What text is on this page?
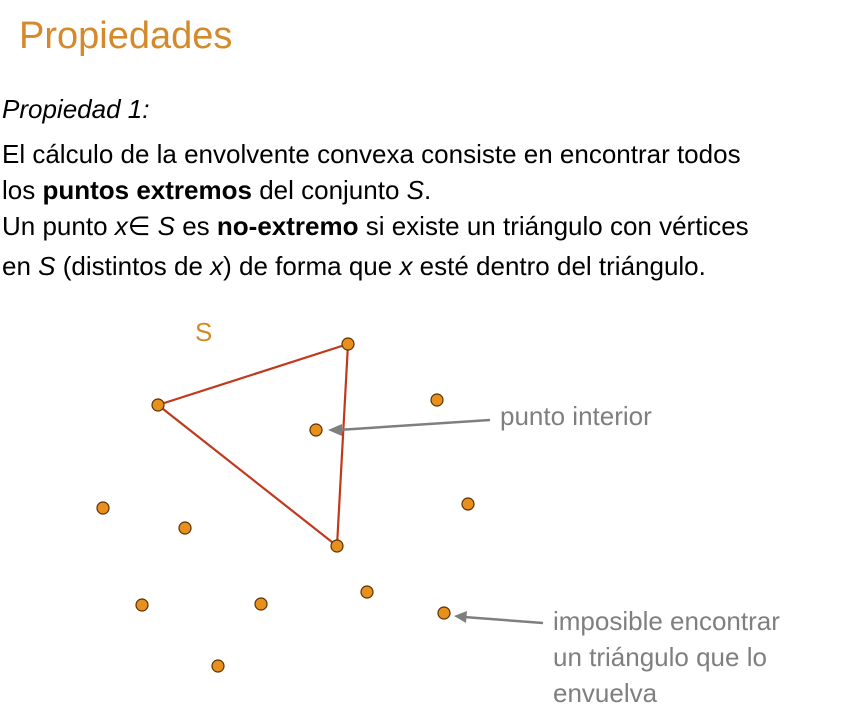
Propiedades
Propiedad 1:
El cálculo de la envolvente convexa consiste en encontrar todos
los puntos extremos del conjunto S.
Un punto x∈ S es no-extremo si existe un triángulo con vértices
en S (distintos de x) de forma que x esté dentro del triángulo.
S
punto interior
imposible encontrar
un triángulo que lo
envuelva
